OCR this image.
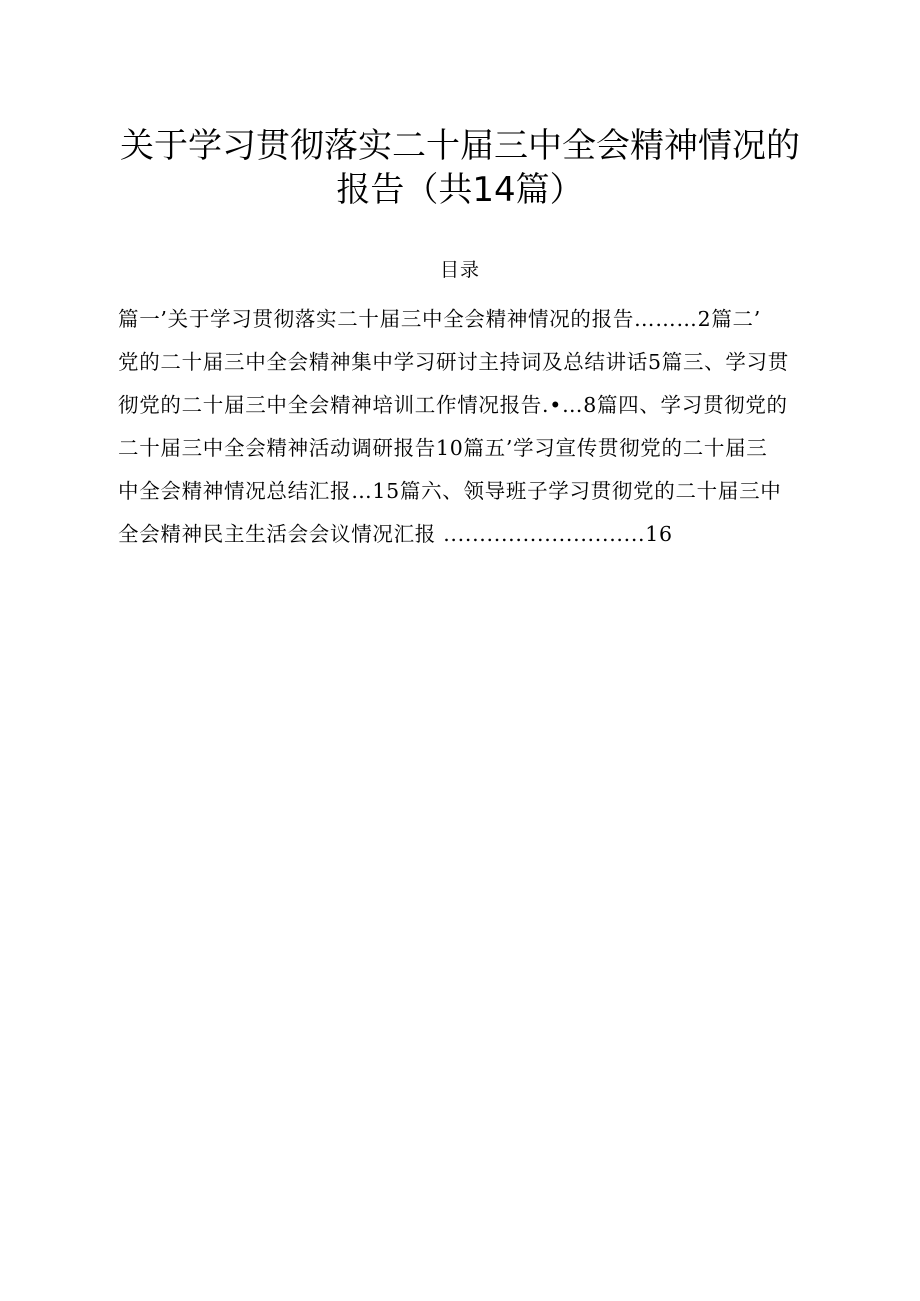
关于学习贯彻落实二十届三中全会精神情况的
报告（共14篇）
目录
篇一’关于学习贯彻落实二十届三中全会精神情况的报告………2篇二’
党的二十届三中全会精神集中学习研讨主持词及总结讲话5篇三、学习贯
彻党的二十届三中全会精神培训工作情况报告.•…8篇四、学习贯彻党的
二十届三中全会精神活动调研报告10篇五’学习宣传贯彻党的二十届三
中全会精神情况总结汇报…15篇六、领导班子学习贯彻党的二十届三中
全会精神民主生活会会议情况汇报 ............................16
